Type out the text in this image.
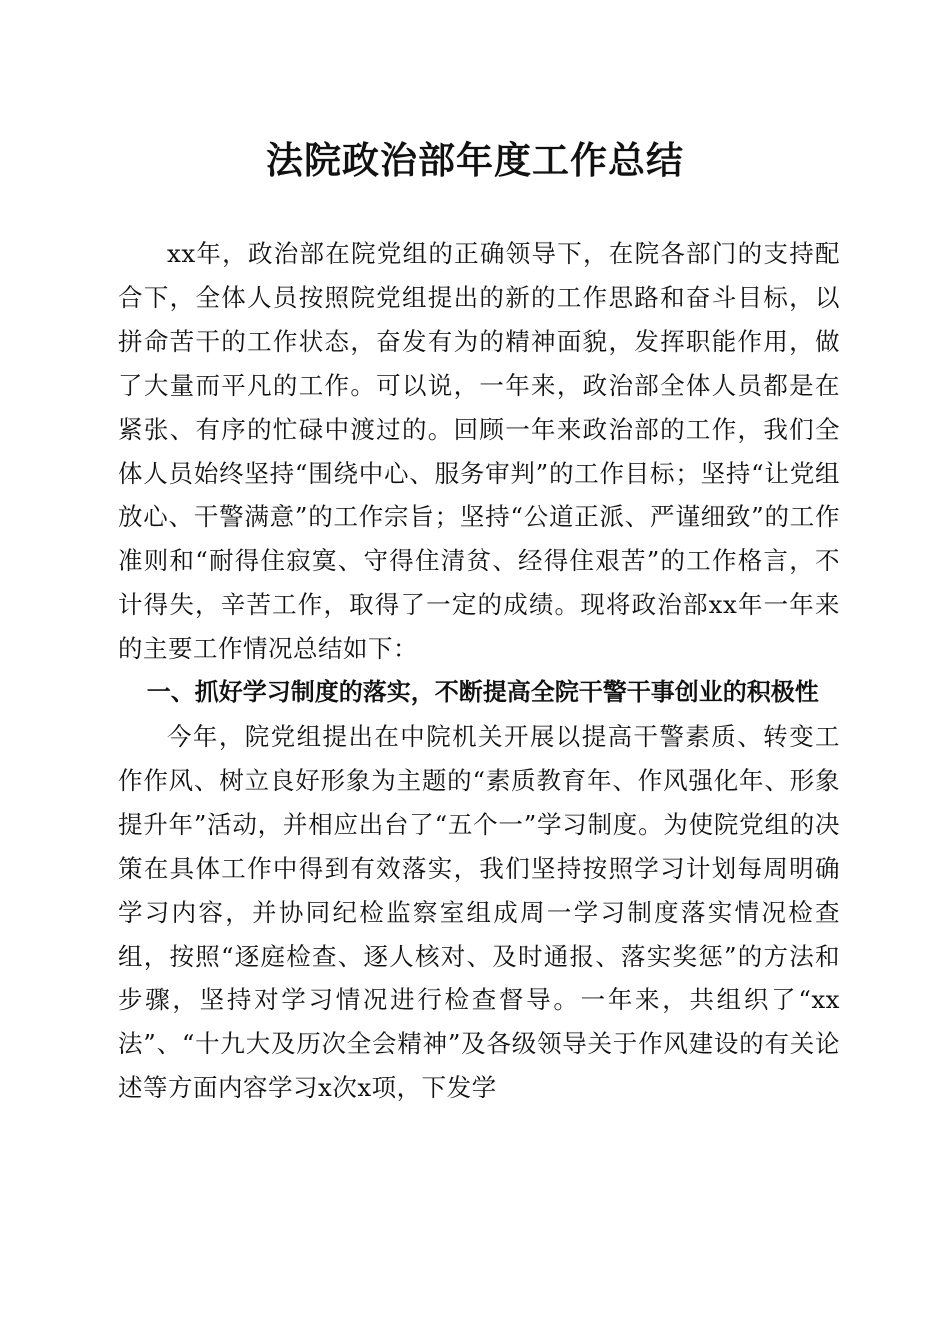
法院政治部年度工作总结

xx年，政治部在院党组的正确领导下，在院各部门的支持配合下，全体人员按照院党组提出的新的工作思路和奋斗目标，以拼命苦干的工作状态，奋发有为的精神面貌，发挥职能作用，做了大量而平凡的工作。可以说，一年来，政治部全体人员都是在紧张、有序的忙碌中渡过的。回顾一年来政治部的工作，我们全体人员始终坚持“围绕中心、服务审判”的工作目标；坚持“让党组放心、干警满意”的工作宗旨；坚持“公道正派、严谨细致”的工作准则和“耐得住寂寞、守得住清贫、经得住艰苦”的工作格言，不计得失，辛苦工作，取得了一定的成绩。现将政治部xx年一年来的主要工作情况总结如下：

一、抓好学习制度的落实，不断提高全院干警干事创业的积极性

今年，院党组提出在中院机关开展以提高干警素质、转变工作作风、树立良好形象为主题的“素质教育年、作风强化年、形象提升年”活动，并相应出台了“五个一”学习制度。为使院党组的决策在具体工作中得到有效落实，我们坚持按照学习计划每周明确学习内容，并协同纪检监察室组成周一学习制度落实情况检查组，按照“逐庭检查、逐人核对、及时通报、落实奖惩”的方法和步骤，坚持对学习情况进行检查督导。一年来，共组织了“xx法”、“十九大及历次全会精神”及各级领导关于作风建设的有关论述等方面内容学习x次x项，下发学
